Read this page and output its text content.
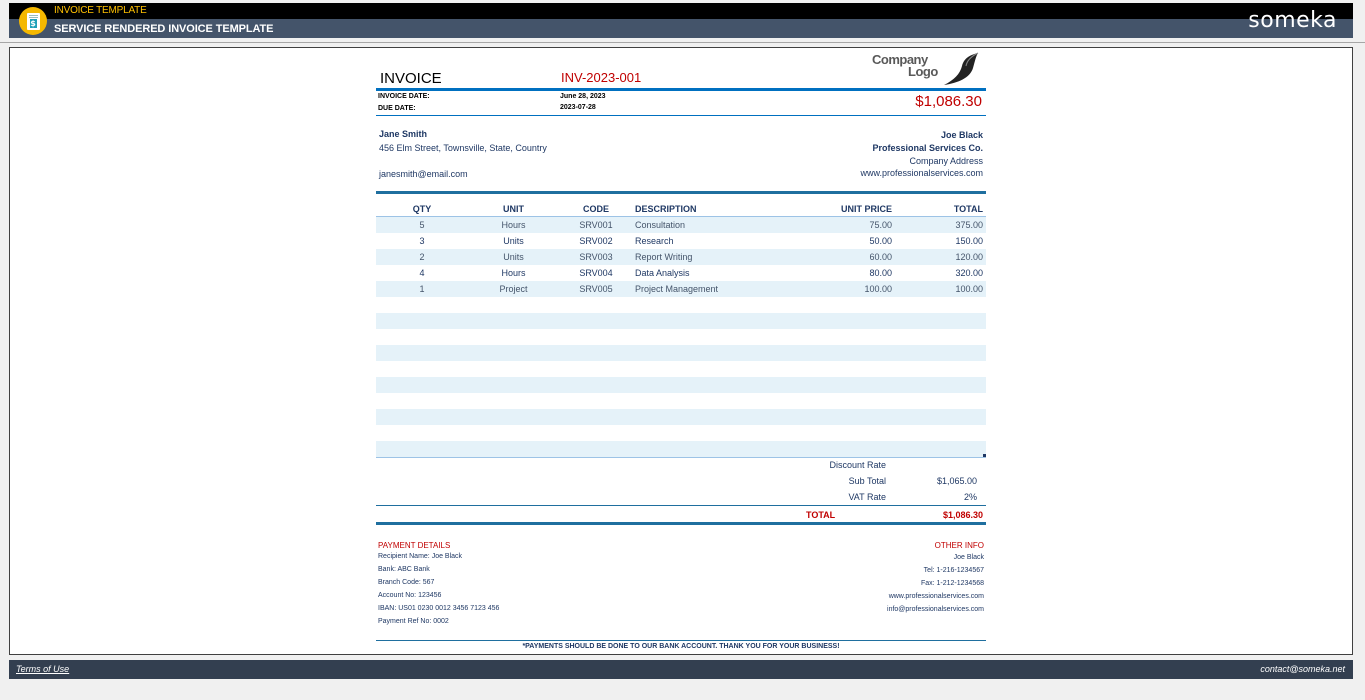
$
INVOICE TEMPLATE
SERVICE RENDERED INVOICE TEMPLATE	someka
INVOICE	INV-2023-001
Company
Logo
INVOICE DATE:	June 28, 2023
DUE DATE:	2023-07-28	$1,086.30
Jane Smith
456 Elm Street, Townsville, State, Country
janesmith@email.com
Joe Black
Professional Services Co.
Company Address
www.professionalservices.com
QTY	UNIT	CODE	DESCRIPTION	UNIT PRICE	TOTAL
5	Hours	SRV001	Consultation	75.00	375.00
3	Units	SRV002	Research	50.00	150.00
2	Units	SRV003	Report Writing	60.00	120.00
4	Hours	SRV004	Data Analysis	80.00	320.00
1	Project	SRV005	Project Management	100.00	100.00
Discount Rate
Sub Total	$1,065.00
VAT Rate	2%
TOTAL	$1,086.30
PAYMENT DETAILS
Recipient Name: Joe Black
Bank: ABC Bank
Branch Code: 567
Account No: 123456
IBAN: US01 0230 0012 3456 7123 456
Payment Ref No: 0002
OTHER INFO
Joe Black
Tel: 1-216-1234567
Fax: 1-212-1234568
www.professionalservices.com
info@professionalservices.com
*PAYMENTS SHOULD BE DONE TO OUR BANK ACCOUNT. THANK YOU FOR YOUR BUSINESS!
Terms of Use	contact@someka.net
